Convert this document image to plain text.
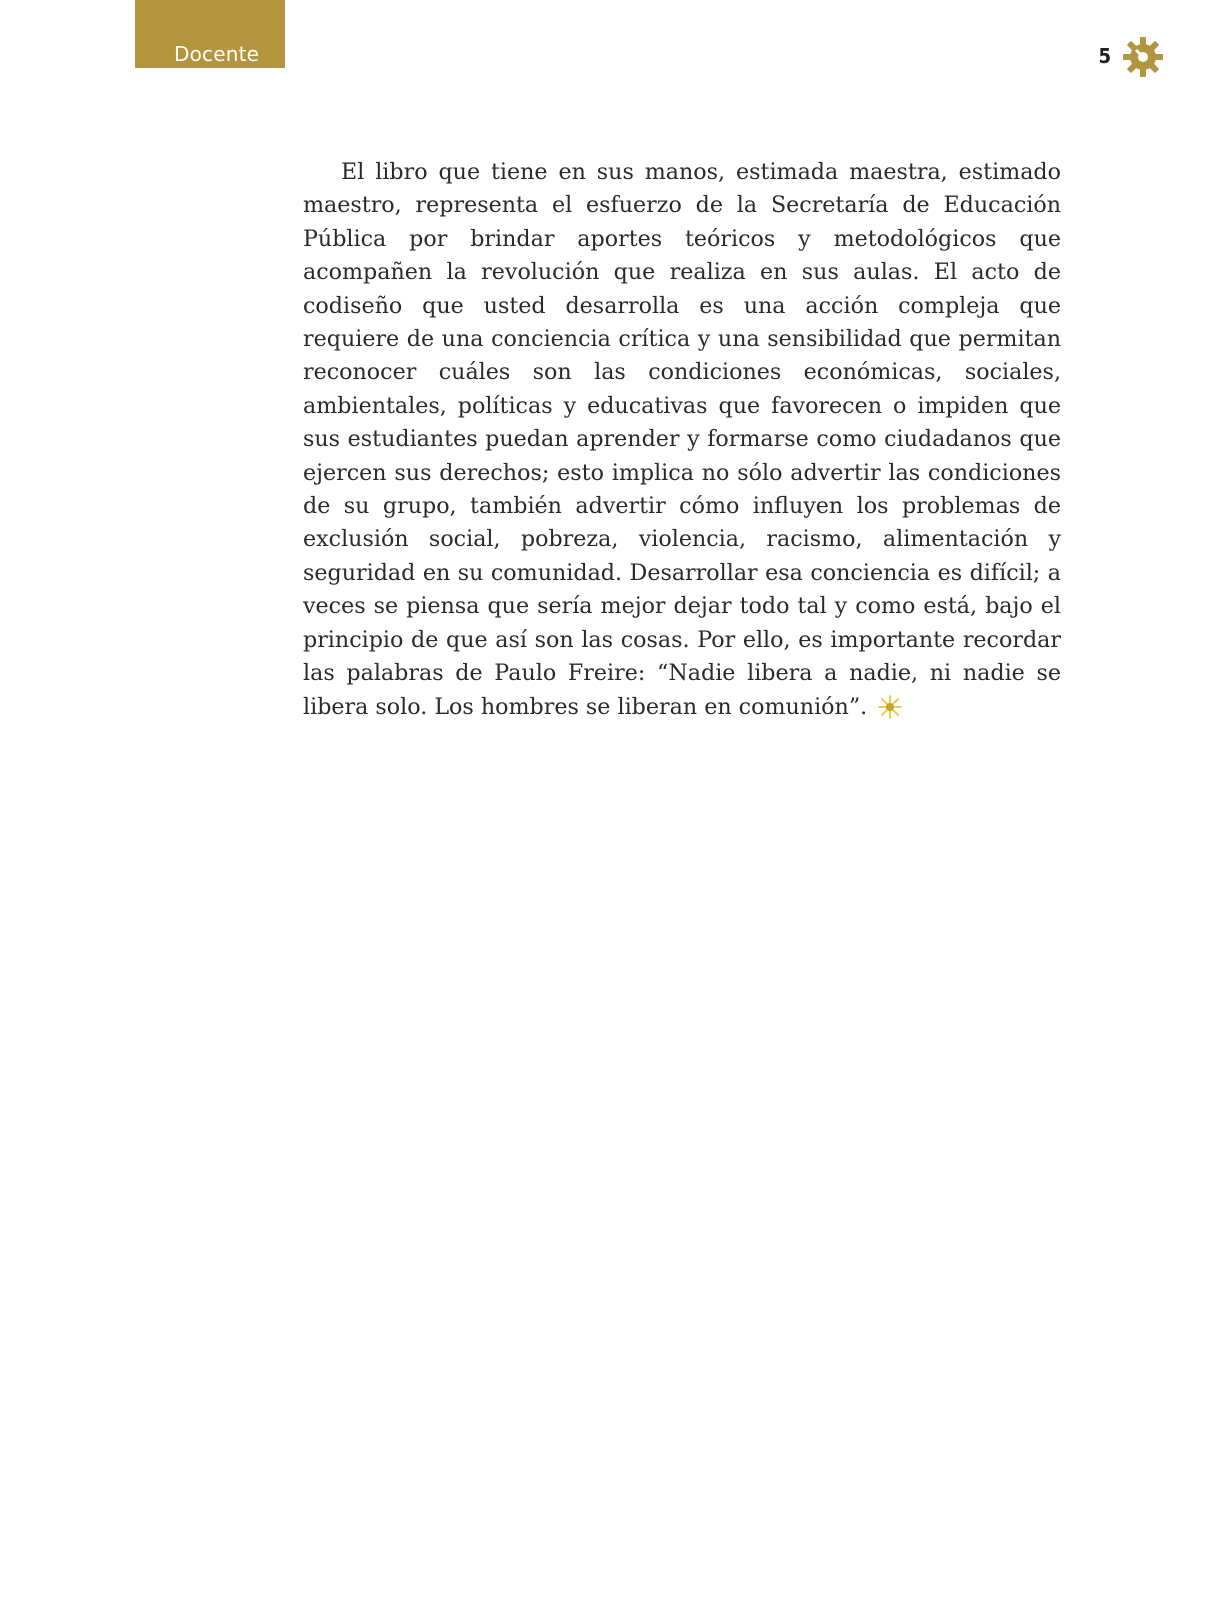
Docente	5

El libro que tiene en sus manos, estimada maestra, estimado maestro, representa el esfuerzo de la Secretaría de Educación Pública por brindar aportes teóricos y metodológicos que acompañen la revolución que realiza en sus aulas. El acto de codiseño que usted desarrolla es una acción compleja que requiere de una conciencia crítica y una sensibilidad que permitan reconocer cuáles son las condiciones económicas, sociales, ambientales, políticas y educativas que favorecen o impiden que sus estudiantes puedan aprender y formarse como ciudadanos que ejercen sus derechos; esto implica no sólo advertir las condiciones de su grupo, también advertir cómo influyen los problemas de exclusión social, pobreza, violencia, racismo, alimentación y seguridad en su comunidad. Desarrollar esa conciencia es difícil; a veces se piensa que sería mejor dejar todo tal y como está, bajo el principio de que así son las cosas. Por ello, es importante recordar las palabras de Paulo Freire: “Nadie libera a nadie, ni nadie se libera solo. Los hombres se liberan en comunión”.
